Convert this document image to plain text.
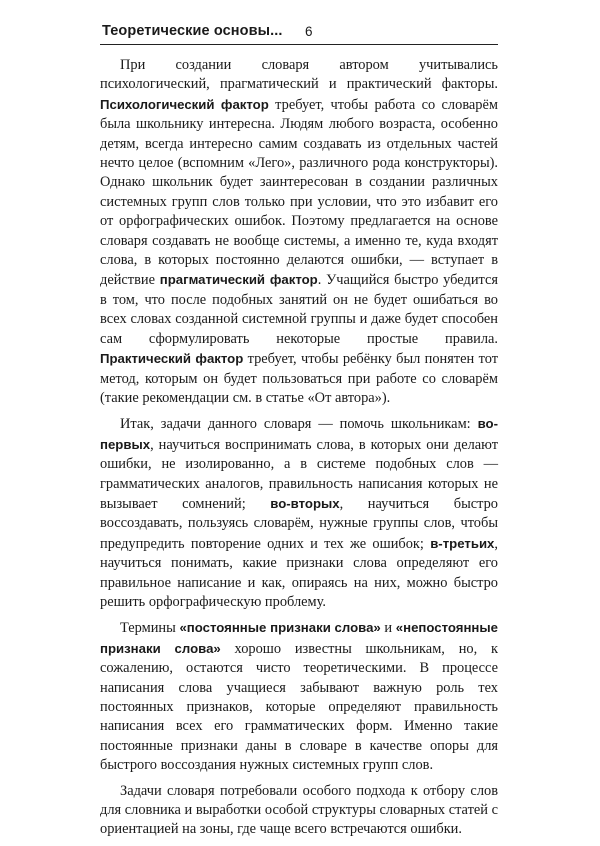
Теоретические основы... 6

При создании словаря автором учитывались психологический, прагматический и практический факторы. Психологический фактор требует, чтобы работа со словарём была школьнику интересна. Людям любого возраста, особенно детям, всегда интересно самим создавать из отдельных частей нечто целое (вспомним «Лего», различного рода конструкторы). Однако школьник будет заинтересован в создании различных системных групп слов только при условии, что это избавит его от орфографических ошибок. Поэтому предлагается на основе словаря создавать не вообще системы, а именно те, куда входят слова, в которых постоянно делаются ошибки, — вступает в действие прагматический фактор. Учащийся быстро убедится в том, что после подобных занятий он не будет ошибаться во всех словах созданной системной группы и даже будет способен сам сформулировать некоторые простые правила. Практический фактор требует, чтобы ребёнку был понятен тот метод, которым он будет пользоваться при работе со словарём (такие рекомендации см. в статье «От автора»).

Итак, задачи данного словаря — помочь школьникам: во-первых, научиться воспринимать слова, в которых они делают ошибки, не изолированно, а в системе подобных слов — грамматических аналогов, правильность написания которых не вызывает сомнений; во-вторых, научиться быстро воссоздавать, пользуясь словарём, нужные группы слов, чтобы предупредить повторение одних и тех же ошибок; в-третьих, научиться понимать, какие признаки слова определяют его правильное написание и как, опираясь на них, можно быстро решить орфографическую проблему.

Термины «постоянные признаки слова» и «непостоянные признаки слова» хорошо известны школьникам, но, к сожалению, остаются чисто теоретическими. В процессе написания слова учащиеся забывают важную роль тех постоянных признаков, которые определяют правильность написания всех его грамматических форм. Именно такие постоянные признаки даны в словаре в качестве опоры для быстрого воссоздания нужных системных групп слов.

Задачи словаря потребовали особого подхода к отбору слов для словника и выработки особой структуры словарных статей с ориентацией на зоны, где чаще всего встречаются ошибки.
